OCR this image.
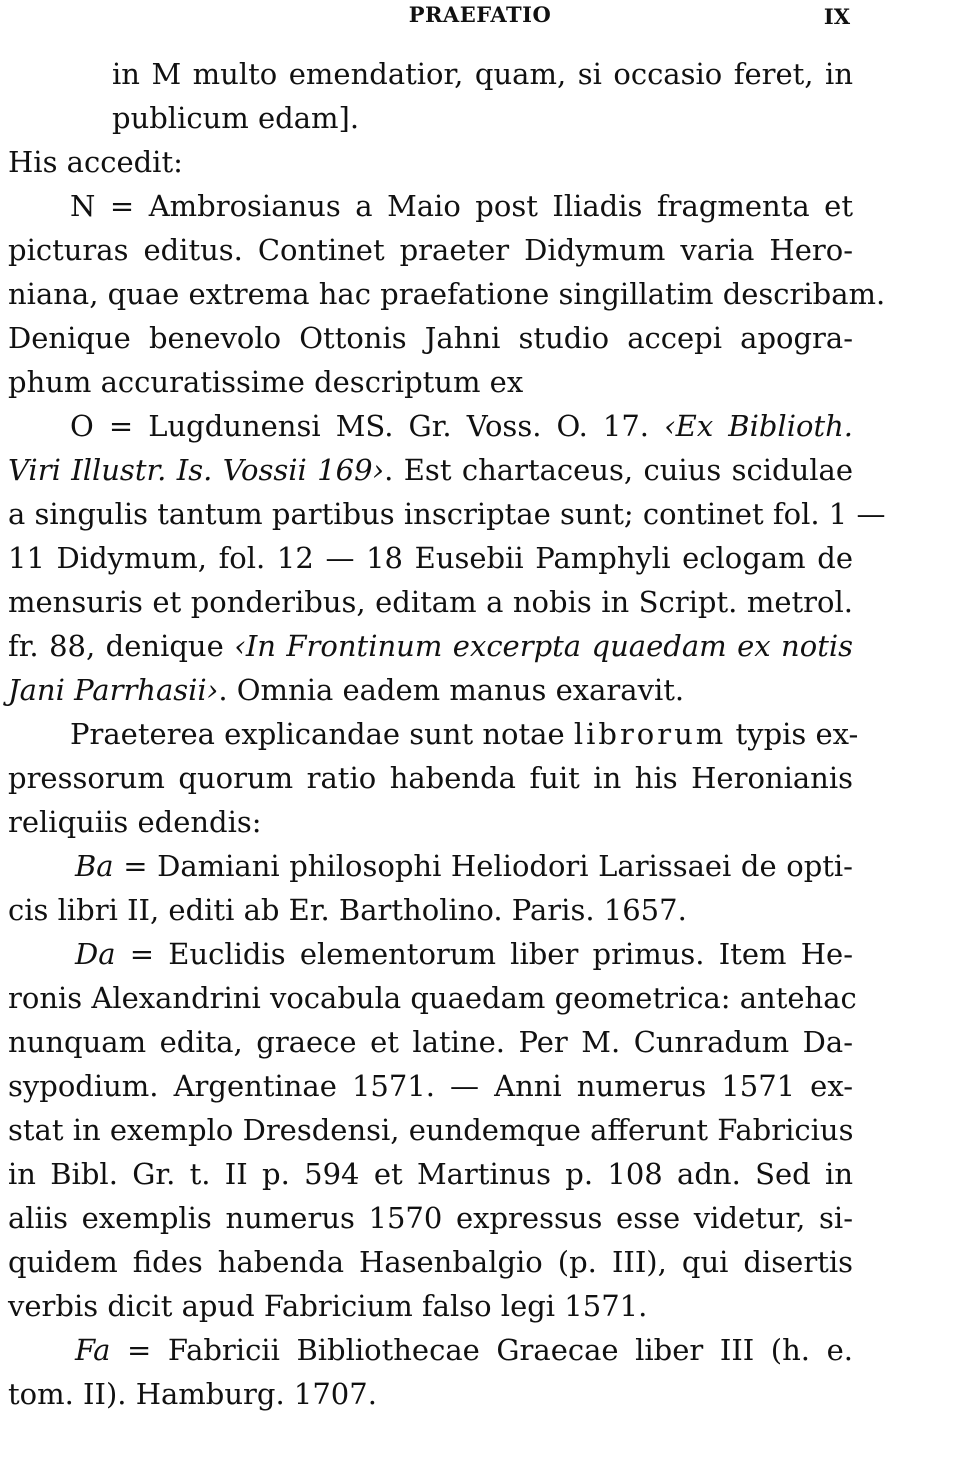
PRAEFATIO	IX
in M multo emendatior, quam, si occasio feret, in
publicum edam].
His accedit:
N = Ambrosianus a Maio post Iliadis fragmenta et
picturas editus. Continet praeter Didymum varia Hero-
niana, quae extrema hac praefatione singillatim describam.
Denique benevolo Ottonis Jahni studio accepi apogra-
phum accuratissime descriptum ex
O = Lugdunensi MS. Gr. Voss. O. 17. ‹Ex Biblioth.
Viri Illustr. Is. Vossii 169›. Est chartaceus, cuius scidulae
a singulis tantum partibus inscriptae sunt; continet fol. 1 —
11 Didymum, fol. 12 — 18 Eusebii Pamphyli eclogam de
mensuris et ponderibus, editam a nobis in Script. metrol.
fr. 88, denique ‹In Frontinum excerpta quaedam ex notis
Jani Parrhasii›. Omnia eadem manus exaravit.
Praeterea explicandae sunt notae librorum typis ex-
pressorum quorum ratio habenda fuit in his Heronianis
reliquiis edendis:
Ba = Damiani philosophi Heliodori Larissaei de opti-
cis libri II, editi ab Er. Bartholino. Paris. 1657.
Da = Euclidis elementorum liber primus. Item He-
ronis Alexandrini vocabula quaedam geometrica: antehac
nunquam edita, graece et latine. Per M. Cunradum Da-
sypodium. Argentinae 1571. — Anni numerus 1571 ex-
stat in exemplo Dresdensi, eundemque afferunt Fabricius
in Bibl. Gr. t. II p. 594 et Martinus p. 108 adn. Sed in
aliis exemplis numerus 1570 expressus esse videtur, si-
quidem fides habenda Hasenbalgio (p. III), qui disertis
verbis dicit apud Fabricium falso legi 1571.
Fa = Fabricii Bibliothecae Graecae liber III (h. e.
tom. II). Hamburg. 1707.
